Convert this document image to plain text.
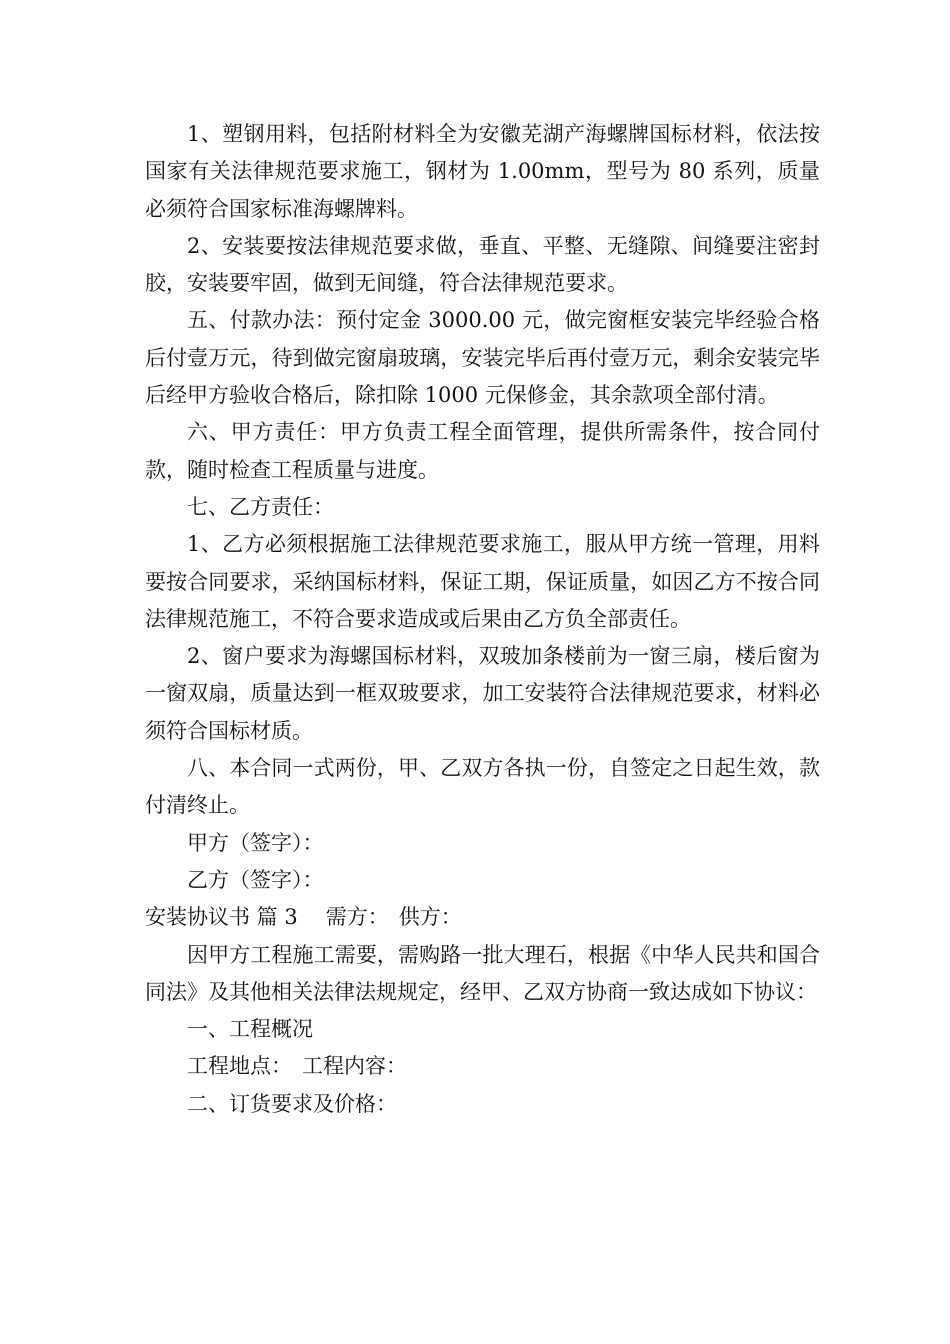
1、塑钢用料，包括附材料全为安徽芜湖产海螺牌国标材料，依法按国家有关法律规范要求施工，钢材为 1.00mm，型号为 80 系列，质量必须符合国家标准海螺牌料。

2、安装要按法律规范要求做，垂直、平整、无缝隙、间缝要注密封胶，安装要牢固，做到无间缝，符合法律规范要求。

五、付款办法：预付定金 3000.00 元，做完窗框安装完毕经验合格后付壹万元，待到做完窗扇玻璃，安装完毕后再付壹万元，剩余安装完毕后经甲方验收合格后，除扣除 1000 元保修金，其余款项全部付清。

六、甲方责任：甲方负责工程全面管理，提供所需条件，按合同付款，随时检查工程质量与进度。

七、乙方责任：

1、乙方必须根据施工法律规范要求施工，服从甲方统一管理，用料要按合同要求，采纳国标材料，保证工期，保证质量，如因乙方不按合同法律规范施工，不符合要求造成或后果由乙方负全部责任。

2、窗户要求为海螺国标材料，双玻加条楼前为一窗三扇，楼后窗为一窗双扇，质量达到一框双玻要求，加工安装符合法律规范要求，材料必须符合国标材质。

八、本合同一式两份，甲、乙双方各执一份，自签定之日起生效，款付清终止。

甲方（签字）：

乙方（签字）：

安装协议书 篇 3 需方： 供方：

因甲方工程施工需要，需购路一批大理石，根据《中华人民共和国合同法》及其他相关法律法规规定，经甲、乙双方协商一致达成如下协议：

一、工程概况

工程地点： 工程内容：

二、订货要求及价格：
